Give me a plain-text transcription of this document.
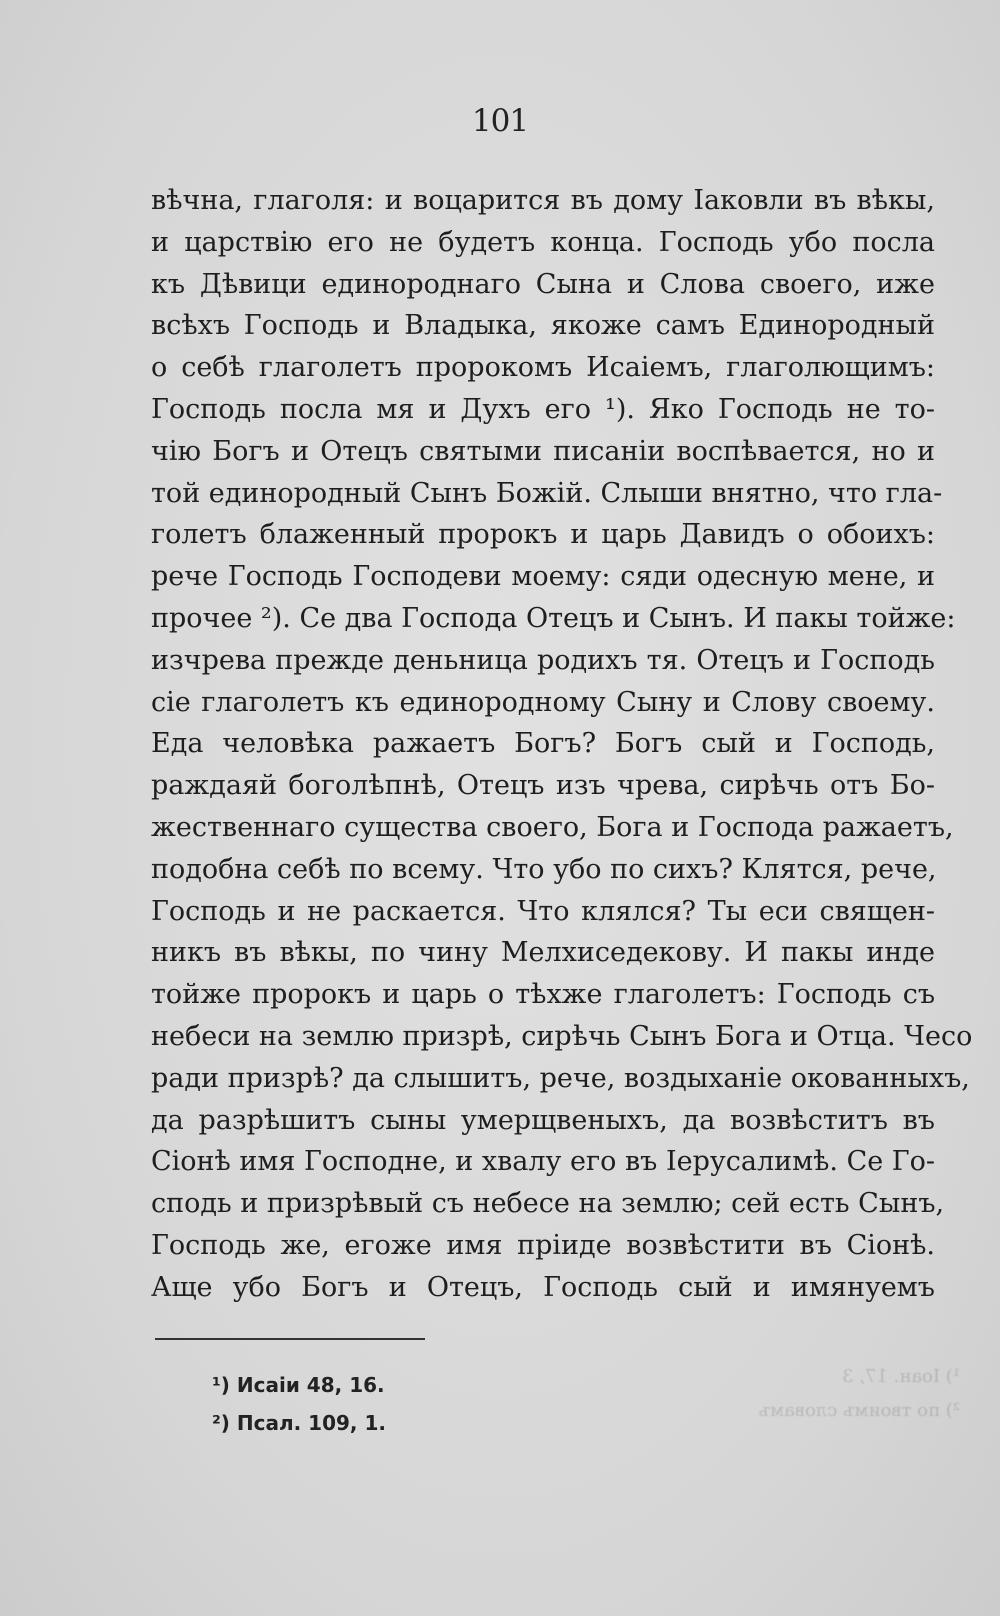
101
вѣчна, глаголя: и воцарится въ дому Іаковли въ вѣкы,
и царствію его не будетъ конца. Господь убо посла
къ Дѣвици единороднаго Сына и Слова своего, иже
всѣхъ Господь и Владыка, якоже самъ Единородный
о себѣ глаголетъ пророкомъ Исаіемъ, глаголющимъ:
Господь посла мя и Духъ его ¹). Яко Господь не то-
чію Богъ и Отецъ святыми писаніи воспѣвается, но и
той единородный Сынъ Божій. Слыши внятно, что гла-
голетъ блаженный пророкъ и царь Давидъ о обоихъ:
рече Господь Господеви моему: сяди одесную мене, и
прочее ²). Се два Господа Отецъ и Сынъ. И пакы тойже:
изчрева прежде деньница родихъ тя. Отецъ и Господь
сіе глаголетъ къ единородному Сыну и Слову своему.
Еда человѣка ражаетъ Богъ? Богъ сый и Господь,
раждаяй боголѣпнѣ, Отецъ изъ чрева, сирѣчь отъ Бо-
жественнаго существа своего, Бога и Господа ражаетъ,
подобна себѣ по всему. Что убо по сихъ? Клятся, рече,
Господь и не раскается. Что клялся? Ты еси священ-
никъ въ вѣкы, по чину Мелхиседекову. И пакы инде
тойже пророкъ и царь о тѣхже глаголетъ: Господь съ
небеси на землю призрѣ, сирѣчь Сынъ Бога и Отца. Чесо
ради призрѣ? да слышитъ, рече, воздыханіе окованныхъ,
да разрѣшитъ сыны умерщвеныхъ, да возвѣститъ въ
Сіонѣ имя Господне, и хвалу его въ Іерусалимѣ. Се Го-
сподь и призрѣвый съ небесе на землю; сей есть Сынъ,
Господь же, егоже имя пріиде возвѣстити въ Сіонѣ.
Аще убо Богъ и Отецъ, Господь сый и имянуемъ
¹) Исаіи 48, 16.
²) Псал. 109, 1.
¹) Іоан. 17, 3
²) по твоимъ словамъ
